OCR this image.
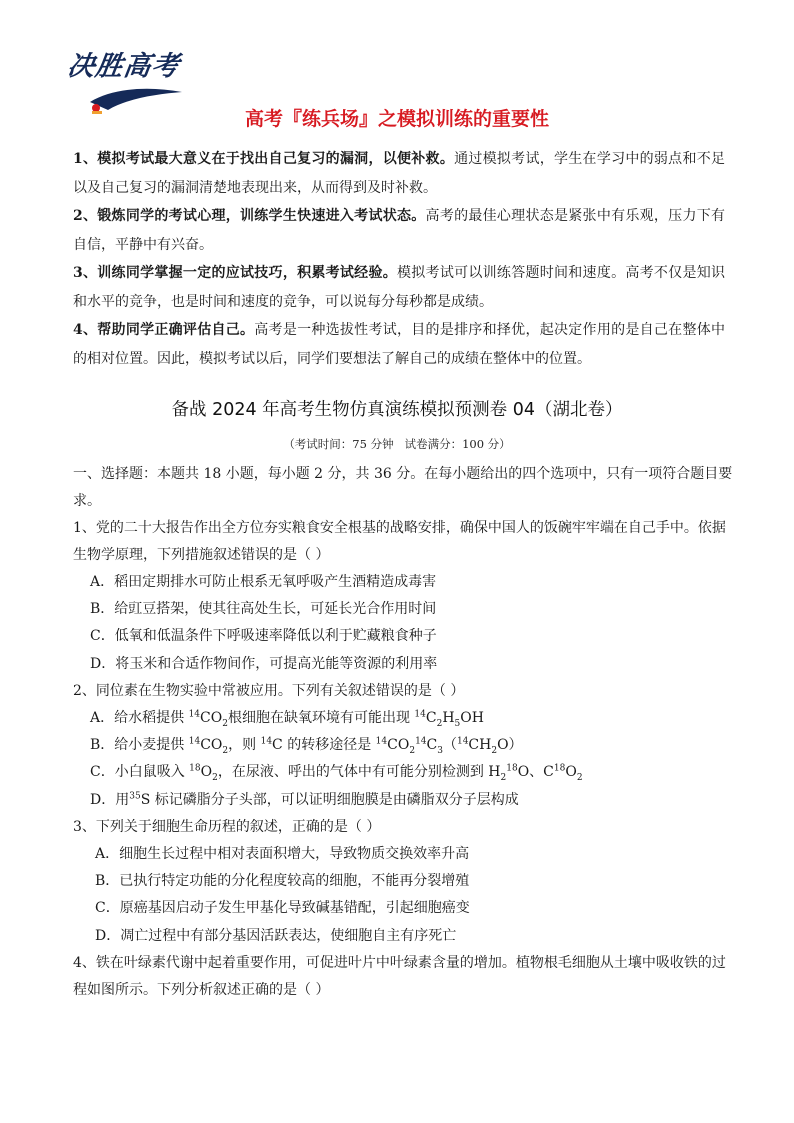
决胜高考
高考『练兵场』之模拟训练的重要性
1、模拟考试最大意义在于找出自己复习的漏洞，以便补救。通过模拟考试，学生在学习中的弱点和不足以及自己复习的漏洞清楚地表现出来，从而得到及时补救。
2、锻炼同学的考试心理，训练学生快速进入考试状态。高考的最佳心理状态是紧张中有乐观，压力下有自信，平静中有兴奋。
3、训练同学掌握一定的应试技巧，积累考试经验。模拟考试可以训练答题时间和速度。高考不仅是知识和水平的竞争，也是时间和速度的竞争，可以说每分每秒都是成绩。
4、帮助同学正确评估自己。高考是一种选拔性考试，目的是排序和择优，起决定作用的是自己在整体中的相对位置。因此，模拟考试以后，同学们要想法了解自己的成绩在整体中的位置。
备战 2024 年高考生物仿真演练模拟预测卷 04（湖北卷）
（考试时间：75 分钟   试卷满分：100 分）
一、选择题：本题共 18 小题，每小题 2 分，共 36 分。在每小题给出的四个选项中，只有一项符合题目要
求。
1、党的二十大报告作出全方位夯实粮食安全根基的战略安排，确保中国人的饭碗牢牢端在自己手中。依据
生物学原理，下列措施叙述错误的是（ ）
A．稻田定期排水可防止根系无氧呼吸产生酒精造成毒害
B．给豇豆搭架，使其往高处生长，可延长光合作用时间
C．低氧和低温条件下呼吸速率降低以利于贮藏粮食种子
D．将玉米和合适作物间作，可提高光能等资源的利用率
2、同位素在生物实验中常被应用。下列有关叙述错误的是（ ）
A．给水稻提供 $^{14}CO_2$根细胞在缺氧环境有可能出现 $^{14}C_2H_5OH$
B．给小麦提供 $^{14}CO_2$，则 $^{14}$C 的转移途径是 $^{14}CO_2^{14}C_3(^{14}CH_2O)$
C．小白鼠吸入 $^{18}O_2$，在尿液、呼出的气体中有可能分别检测到 $H_2^{18}O$、$C^{18}O_2$
D．用$^{35}$S 标记磷脂分子头部，可以证明细胞膜是由磷脂双分子层构成
3、下列关于细胞生命历程的叙述，正确的是（ ）
A．细胞生长过程中相对表面积增大，导致物质交换效率升高
B．已执行特定功能的分化程度较高的细胞，不能再分裂增殖
C．原癌基因启动子发生甲基化导致碱基错配，引起细胞癌变
D．凋亡过程中有部分基因活跃表达，使细胞自主有序死亡
4、铁在叶绿素代谢中起着重要作用，可促进叶片中叶绿素含量的增加。植物根毛细胞从土壤中吸收铁的过
程如图所示。下列分析叙述正确的是（ ）
